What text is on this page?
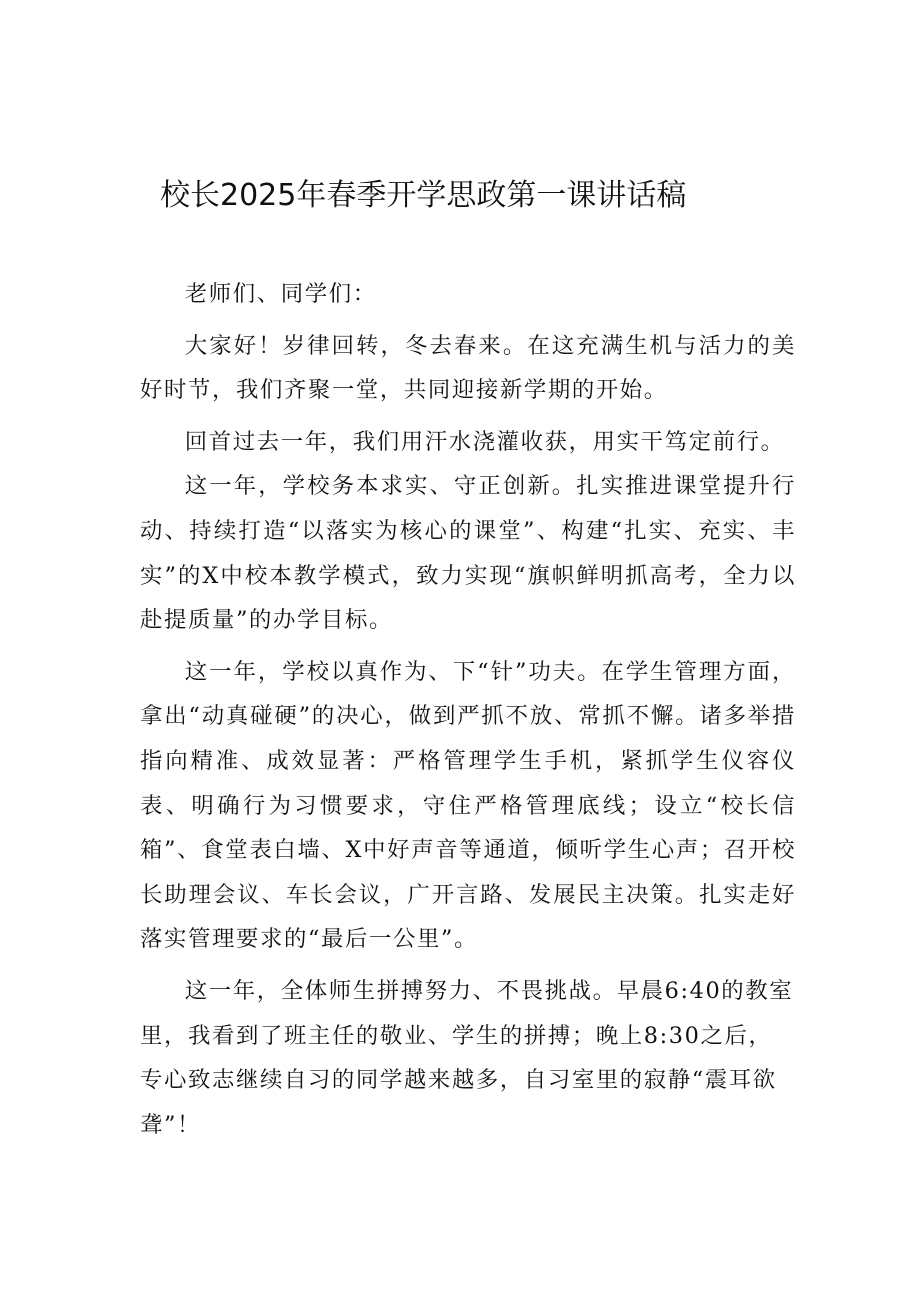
校长2025年春季开学思政第一课讲话稿

老师们、同学们：

大家好！岁律回转，冬去春来。在这充满生机与活力的美好时节，我们齐聚一堂，共同迎接新学期的开始。

回首过去一年，我们用汗水浇灌收获，用实干笃定前行。

这一年，学校务本求实、守正创新。扎实推进课堂提升行动、持续打造“以落实为核心的课堂”、构建“扎实、充实、丰实”的X中校本教学模式，致力实现“旗帜鲜明抓高考，全力以赴提质量”的办学目标。

这一年，学校以真作为、下“针”功夫。在学生管理方面，拿出“动真碰硬”的决心，做到严抓不放、常抓不懈。诸多举措指向精准、成效显著：严格管理学生手机，紧抓学生仪容仪表、明确行为习惯要求，守住严格管理底线；设立“校长信箱”、食堂表白墙、X中好声音等通道，倾听学生心声；召开校长助理会议、车长会议，广开言路、发展民主决策。扎实走好落实管理要求的“最后一公里”。

这一年，全体师生拼搏努力、不畏挑战。早晨6:40的教室里，我看到了班主任的敬业、学生的拼搏；晚上8:30之后，专心致志继续自习的同学越来越多，自习室里的寂静“震耳欲聋”！
